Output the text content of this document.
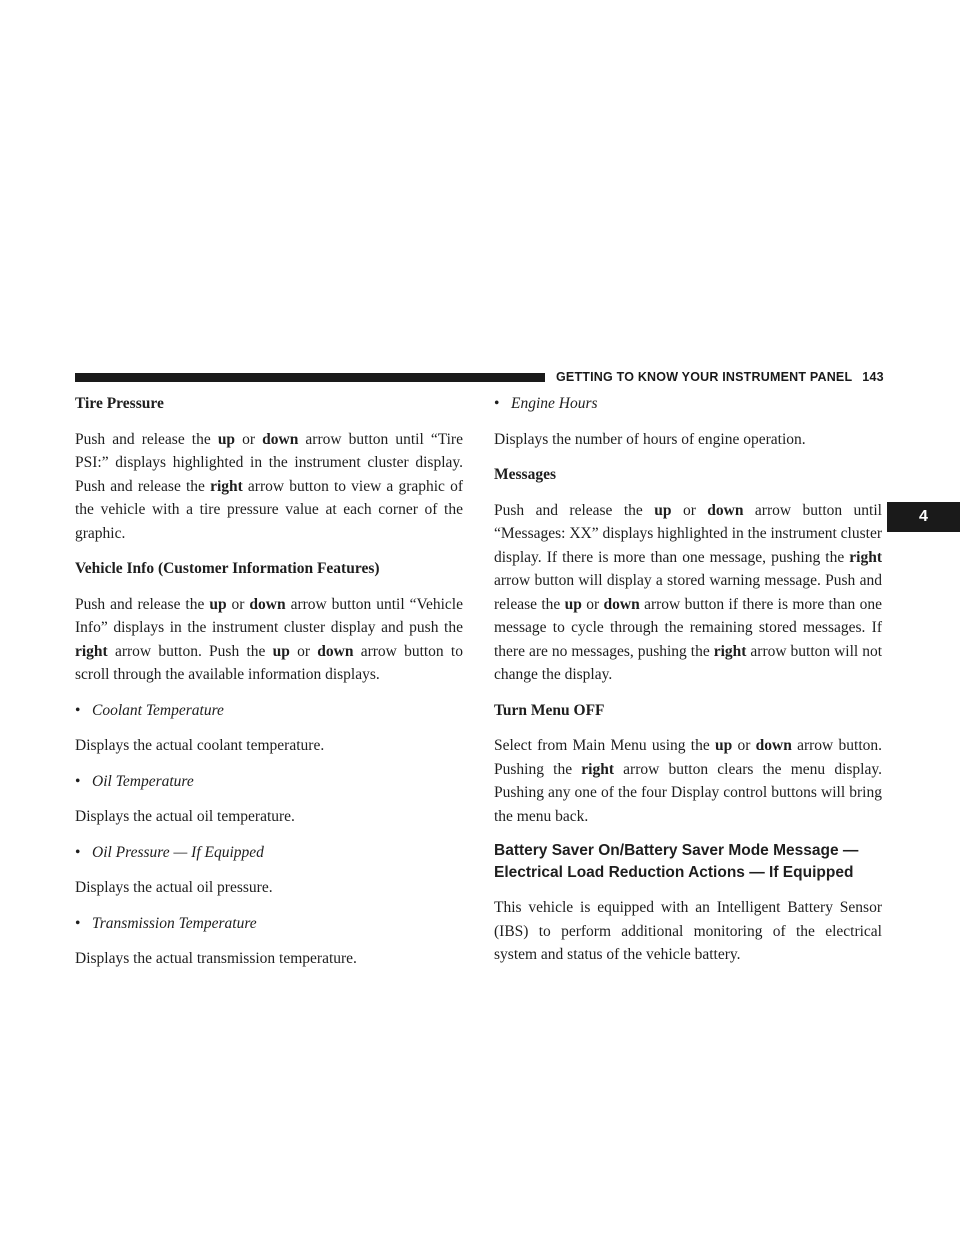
GETTING TO KNOW YOUR INSTRUMENT PANEL 143
4
Tire Pressure

Push and release the up or down arrow button until “Tire PSI:” displays highlighted in the instrument cluster display. Push and release the right arrow button to view a graphic of the vehicle with a tire pressure value at each corner of the graphic.

Vehicle Info (Customer Information Features)

Push and release the up or down arrow button until “Vehicle Info” displays in the instrument cluster display and push the right arrow button. Push the up or down arrow button to scroll through the available information displays.

• Coolant Temperature

Displays the actual coolant temperature.

• Oil Temperature

Displays the actual oil temperature.

• Oil Pressure — If Equipped

Displays the actual oil pressure.

• Transmission Temperature

Displays the actual transmission temperature.

• Engine Hours

Displays the number of hours of engine operation.

Messages

Push and release the up or down arrow button until “Messages: XX” displays highlighted in the instrument cluster display. If there is more than one message, pushing the right arrow button will display a stored warning message. Push and release the up or down arrow button if there is more than one message to cycle through the remaining stored messages. If there are no messages, pushing the right arrow button will not change the display.

Turn Menu OFF

Select from Main Menu using the up or down arrow button. Pushing the right arrow button clears the menu display. Pushing any one of the four Display control buttons will bring the menu back.

Battery Saver On/Battery Saver Mode Message —
Electrical Load Reduction Actions — If Equipped

This vehicle is equipped with an Intelligent Battery Sensor (IBS) to perform additional monitoring of the electrical system and status of the vehicle battery.
